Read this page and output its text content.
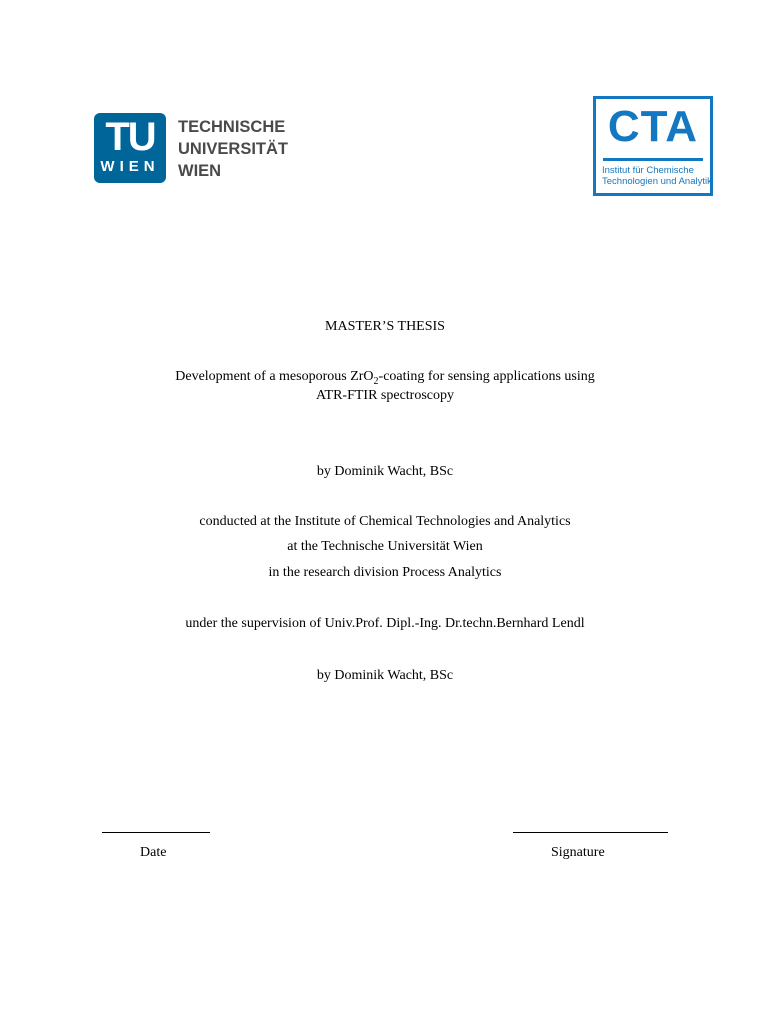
TU
WIEN
TECHNISCHE
UNIVERSITÄT
WIEN
CTA
Institut für Chemische
Technologien und Analytik
MASTER’S THESIS
Development of a mesoporous ZrO$_2$-coating for sensing applications using
ATR-FTIR spectroscopy
by Dominik Wacht, BSc
conducted at the Institute of Chemical Technologies and Analytics
at the Technische Universität Wien
in the research division Process Analytics
under the supervision of Univ.Prof. Dipl.-Ing. Dr.techn.Bernhard Lendl
by Dominik Wacht, BSc
Date	Signature
